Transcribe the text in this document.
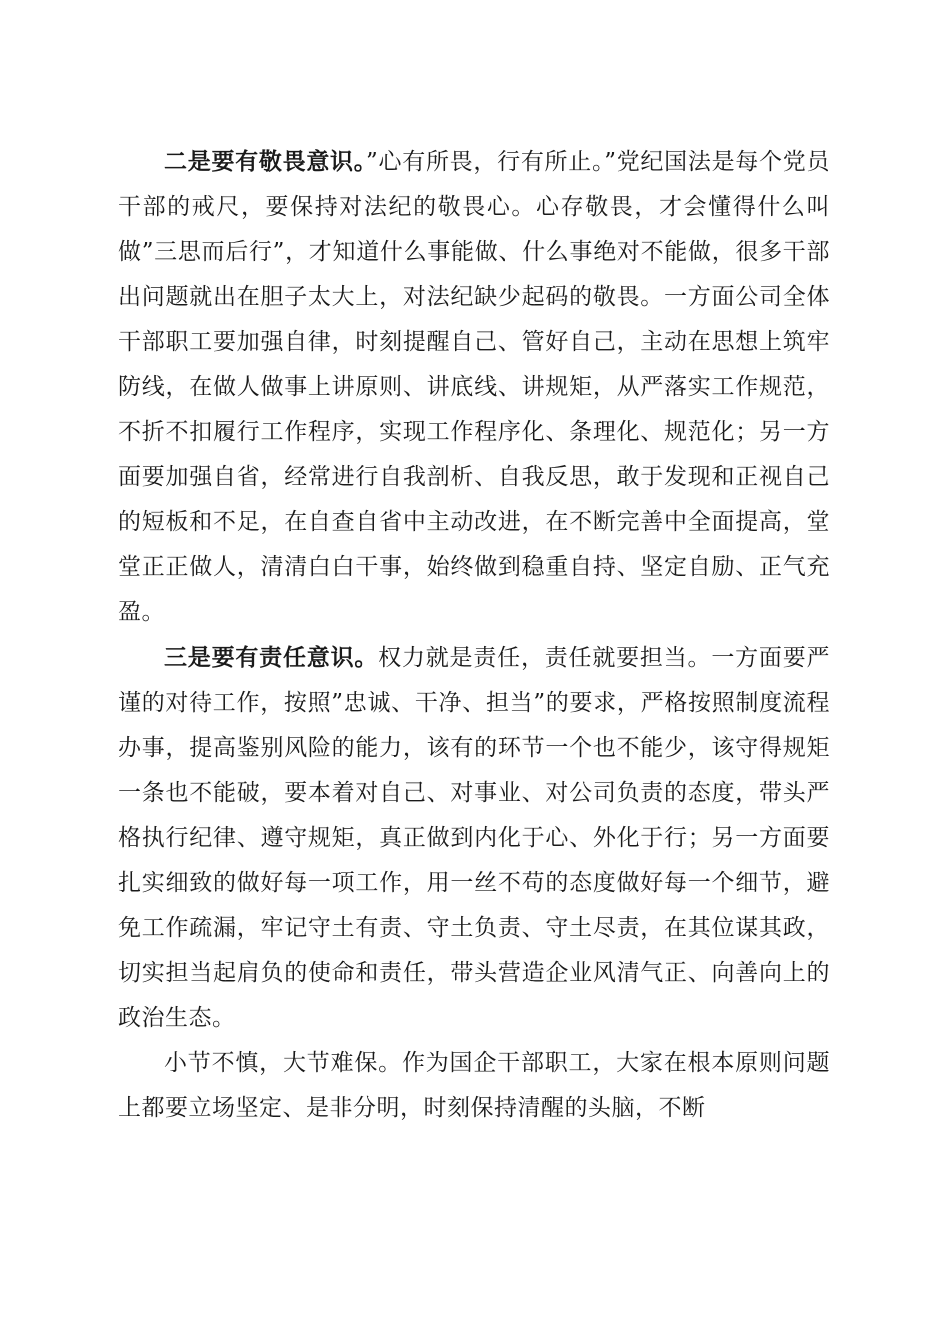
二是要有敬畏意识。”心有所畏，行有所止。”党纪国法是每个党员干部的戒尺，要保持对法纪的敬畏心。心存敬畏，才会懂得什么叫做”三思而后行”，才知道什么事能做、什么事绝对不能做，很多干部出问题就出在胆子太大上，对法纪缺少起码的敬畏。一方面公司全体干部职工要加强自律，时刻提醒自己、管好自己，主动在思想上筑牢防线，在做人做事上讲原则、讲底线、讲规矩，从严落实工作规范，不折不扣履行工作程序，实现工作程序化、条理化、规范化；另一方面要加强自省，经常进行自我剖析、自我反思，敢于发现和正视自己的短板和不足，在自查自省中主动改进，在不断完善中全面提高，堂堂正正做人，清清白白干事，始终做到稳重自持、坚定自励、正气充盈。

三是要有责任意识。权力就是责任，责任就要担当。一方面要严谨的对待工作，按照”忠诚、干净、担当”的要求，严格按照制度流程办事，提高鉴别风险的能力，该有的环节一个也不能少，该守得规矩一条也不能破，要本着对自己、对事业、对公司负责的态度，带头严格执行纪律、遵守规矩，真正做到内化于心、外化于行；另一方面要扎实细致的做好每一项工作，用一丝不苟的态度做好每一个细节，避免工作疏漏，牢记守土有责、守土负责、守土尽责，在其位谋其政，切实担当起肩负的使命和责任，带头营造企业风清气正、向善向上的政治生态。

小节不慎，大节难保。作为国企干部职工，大家在根本原则问题上都要立场坚定、是非分明，时刻保持清醒的头脑，不断
